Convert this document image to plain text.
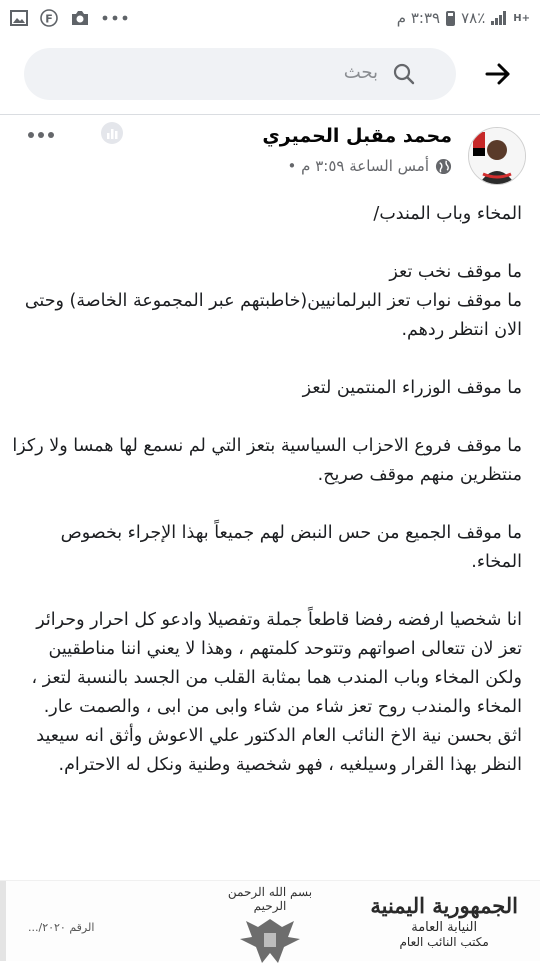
٣:٣٩ م ٧٨٪	H+
F
بحث
محمد مقبل الحميري
أمس الساعة ٣:٥٩ م •

المخاء وباب المندب/

ما موقف نخب تعز
ما موقف نواب تعز البرلمانيين(خاطبتهم عبر المجموعة الخاصة) وحتى الان انتظر ردهم.

ما موقف الوزراء المنتمين لتعز

ما موقف فروع الاحزاب السياسية بتعز التي لم نسمع لها همسا ولا ركزا منتظرين منهم موقف صريح.

ما موقف الجميع من حس النبض لهم جميعاً بهذا الإجراء بخصوص المخاء.

انا شخصيا ارفضه رفضا قاطعاً جملة وتفصيلا وادعو كل احرار وحرائر تعز لان تتعالى اصواتهم وتتوحد كلمتهم ، وهذا لا يعني اننا مناطقيين ولكن المخاء وباب المندب هما بمثابة القلب من الجسد بالنسبة لتعز ، المخاء والمندب روح تعز شاء من شاء وابى من ابى ، والصمت عار.
اثق بحسن نية الاخ النائب العام الدكتور علي الاعوش وأثق انه سيعيد النظر بهذا القرار وسيلغيه ، فهو شخصية وطنية ونكل له الاحترام.

الجمهورية اليمنية
النيابة العامة
مكتب النائب العام
بسم الله الرحمن الرحيم
الرقم ٢٠٢٠/...
